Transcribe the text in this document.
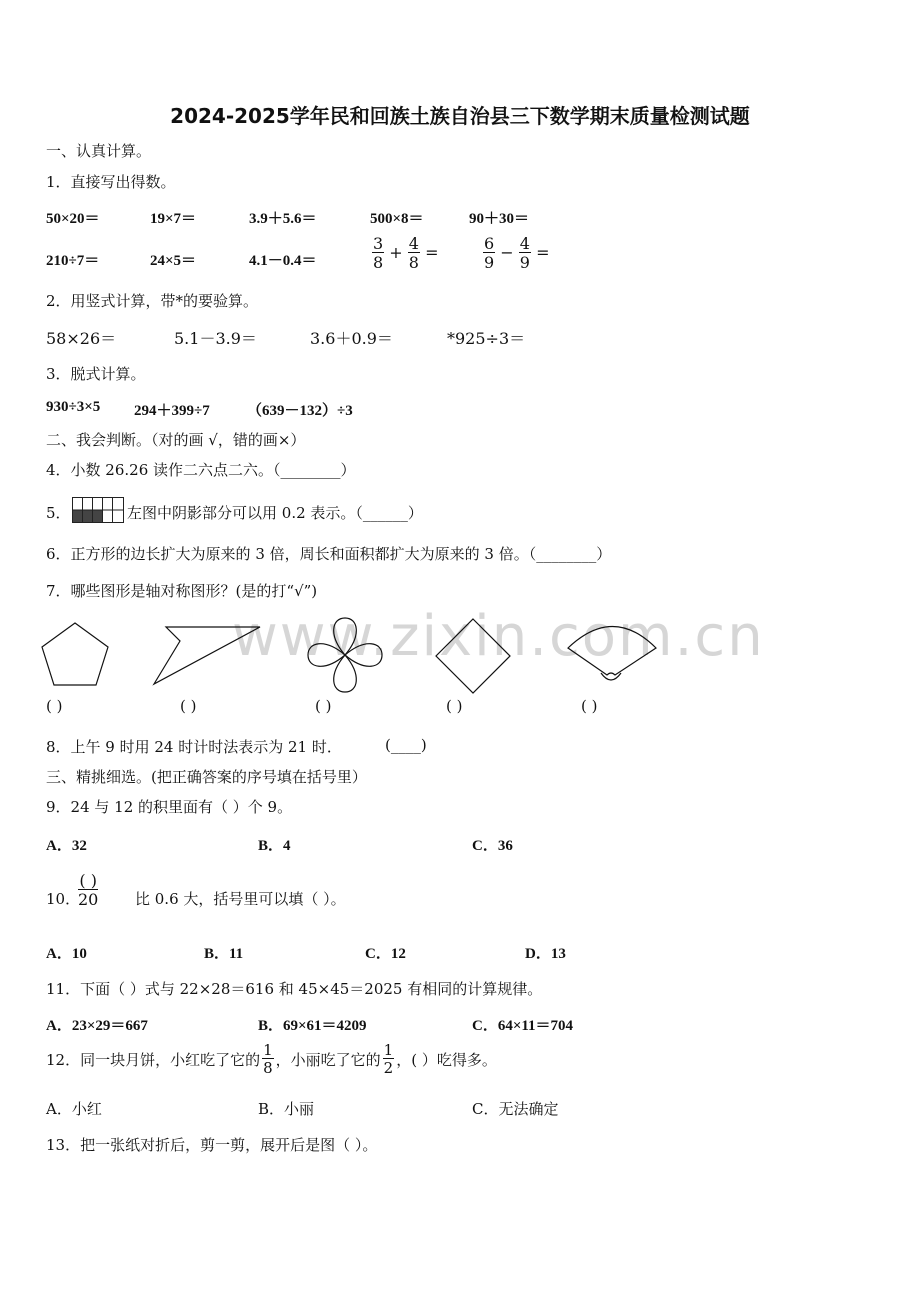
2024-2025学年民和回族土族自治县三下数学期末质量检测试题
一、认真计算。
1．直接写出得数。
50×20＝	19×7＝	3.9＋5.6＝	500×8＝	90＋30＝
210÷7＝	24×5＝	4.1－0.4＝	$\frac{3}{8} + \frac{4}{8}$ =	$\frac{6}{9} - \frac{4}{9}$ =
2．用竖式计算，带*的要验算。
58×26＝	5.1－3.9＝	3.6＋0.9＝	*925÷3＝
3．脱式计算。
930÷3×5 294＋399÷7 （639－132）÷3
二、我会判断。（对的画 √，错的画×）
4．小数 26.26 读作二六点二六。（________）
5．	左图中阴影部分可以用 0.2 表示。（______）
6．正方形的边长扩大为原来的 3 倍，周长和面积都扩大为原来的 3 倍。（________）
7．哪些图形是轴对称图形？(是的打“√”)
www.zixin.com.cn
( )	( )	( )	( )	( )
8．上午 9 时用 24 时计时法表示为 21 时．	(____)
三、精挑细选。(把正确答案的序号填在括号里）
9．24 与 12 的积里面有（ ）个 9。
A．32	B．4	C．36
10．
$\frac{( )}{20}$ 比 0.6 大，括号里可以填（ ）。
A．10	B．11	C．12	D．13
11．下面（ ）式与 22×28＝616 和 45×45＝2025 有相同的计算规律。
A．23×29＝667	B．69×61＝4209	C．64×11＝704
12．同一块月饼，小红吃了它的 $\frac{1}{8}$ ，小丽吃了它的 $\frac{1}{2}$ ，( ）吃得多。
A．小红	B．小丽	C．无法确定
13．把一张纸对折后，剪一剪，展开后是图（ ）。
